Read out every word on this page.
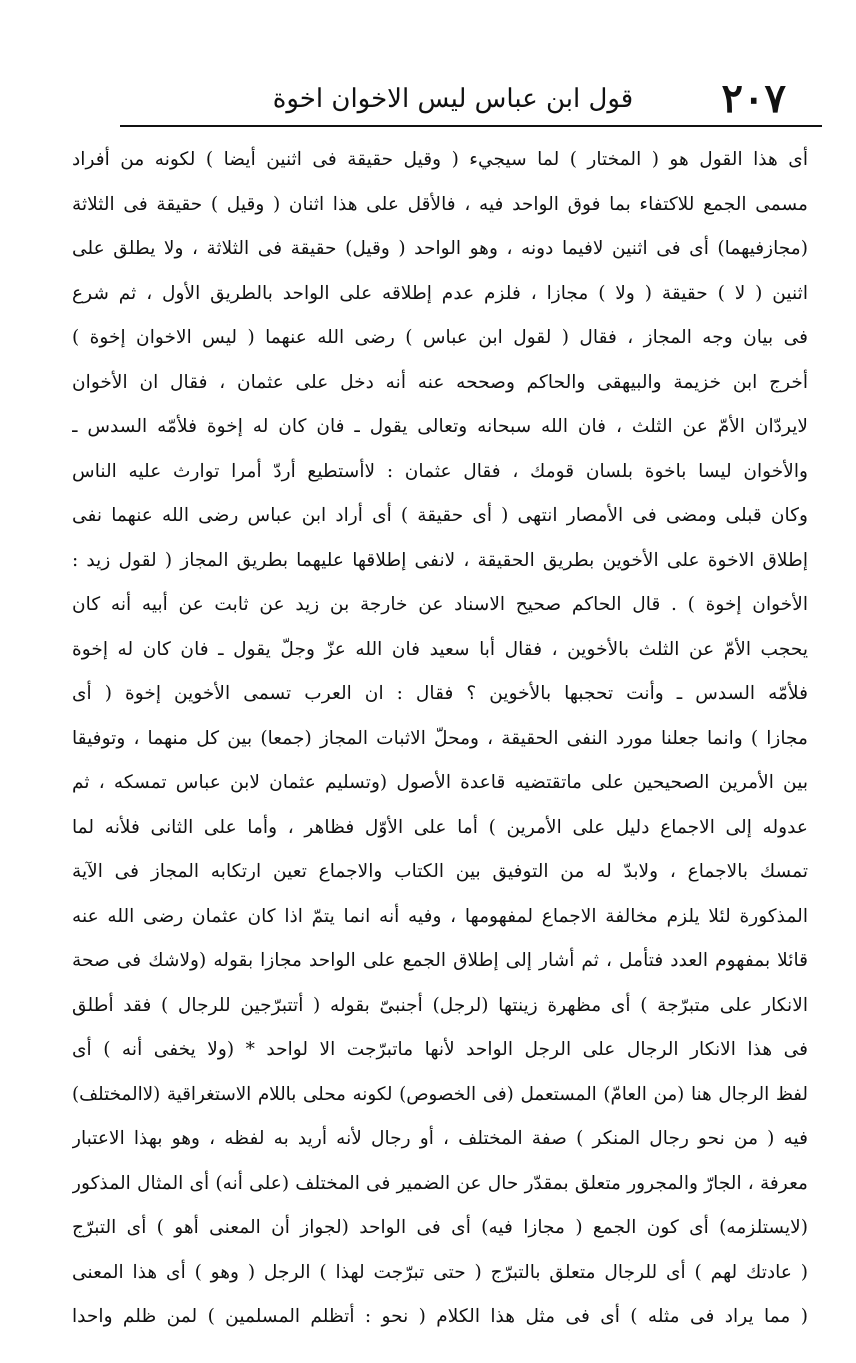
٢٠٧
قول ابن عباس ليس الاخوان اخوة
أى هذا القول هو ( المختار ) لما سيجيء ( وقيل حقيقة فى اثنين أيضا ) لكونه من أفراد
مسمى الجمع للاكتفاء بما فوق الواحد فيه ، فالأقل على هذا اثنان ( وقيل ) حقيقة فى الثلاثة
(مجازفيهما) أى فى اثنين لافيما دونه ، وهو الواحد ( وقيل) حقيقة فى الثلاثة ، ولا يطلق على
اثنين ( لا ) حقيقة ( ولا ) مجازا ، فلزم عدم إطلاقه على الواحد بالطريق الأول ، ثم شرع
فى بيان وجه المجاز ، فقال ( لقول ابن عباس ) رضى الله عنهما ( ليس الاخوان إخوة )
أخرج ابن خزيمة والبيهقى والحاكم وصححه عنه أنه دخل على عثمان ، فقال ان الأخوان
لايردّان الأمّ عن الثلث ، فان الله سبحانه وتعالى يقول ـ فان كان له إخوة فلأمّه السدس ـ
والأخوان ليسا باخوة بلسان قومك ، فقال عثمان : لاأستطيع أردّ أمرا توارث عليه الناس
وكان قبلى ومضى فى الأمصار انتهى ( أى حقيقة ) أى أراد ابن عباس رضى الله عنهما نفى
إطلاق الاخوة على الأخوين بطريق الحقيقة ، لانفى إطلاقها عليهما بطريق المجاز ( لقول زيد :
الأخوان إخوة ) . قال الحاكم صحيح الاسناد عن خارجة بن زيد عن ثابت عن أبيه أنه كان
يحجب الأمّ عن الثلث بالأخوين ، فقال أبا سعيد فان الله عزّ وجلّ يقول ـ فان كان له إخوة
فلأمّه السدس ـ وأنت تحجبها بالأخوين ؟ فقال : ان العرب تسمى الأخوين إخوة ( أى
مجازا ) وانما جعلنا مورد النفى الحقيقة ، ومحلّ الاثبات المجاز (جمعا) بين كل منهما ، وتوفيقا
بين الأمرين الصحيحين على ماتقتضيه قاعدة الأصول (وتسليم عثمان لابن عباس تمسكه ، ثم
عدوله إلى الاجماع دليل على الأمرين ) أما على الأوّل فظاهر ، وأما على الثانى فلأنه لما
تمسك بالاجماع ، ولابدّ له من التوفيق بين الكتاب والاجماع تعين ارتكابه المجاز فى الآية
المذكورة لئلا يلزم مخالفة الاجماع لمفهومها ، وفيه أنه انما يتمّ اذا كان عثمان رضى الله عنه
قائلا بمفهوم العدد فتأمل ، ثم أشار إلى إطلاق الجمع على الواحد مجازا بقوله (ولاشك فى صحة
الانكار على متبرّجة ) أى مظهرة زينتها (لرجل) أجنبىّ بقوله ( أتتبرّجين للرجال ) فقد أطلق
فى هذا الانكار الرجال على الرجل الواحد لأنها ماتبرّجت الا لواحد * (ولا يخفى أنه ) أى
لفظ الرجال هنا (من العامّ) المستعمل (فى الخصوص) لكونه محلى باللام الاستغراقية (لاالمختلف)
فيه ( من نحو رجال المنكر ) صفة المختلف ، أو رجال لأنه أريد به لفظه ، وهو بهذا الاعتبار
معرفة ، الجارّ والمجرور متعلق بمقدّر حال عن الضمير فى المختلف (على أنه) أى المثال المذكور
(لايستلزمه) أى كون الجمع ( مجازا فيه) أى فى الواحد (لجواز أن المعنى أهو ) أى التبرّج
( عادتك لهم ) أى للرجال متعلق بالتبرّج ( حتى تبرّجت لهذا ) الرجل ( وهو ) أى هذا المعنى
( مما يراد فى مثله ) أى فى مثل هذا الكلام ( نحو : أتظلم المسلمين ) لمن ظلم واحدا
